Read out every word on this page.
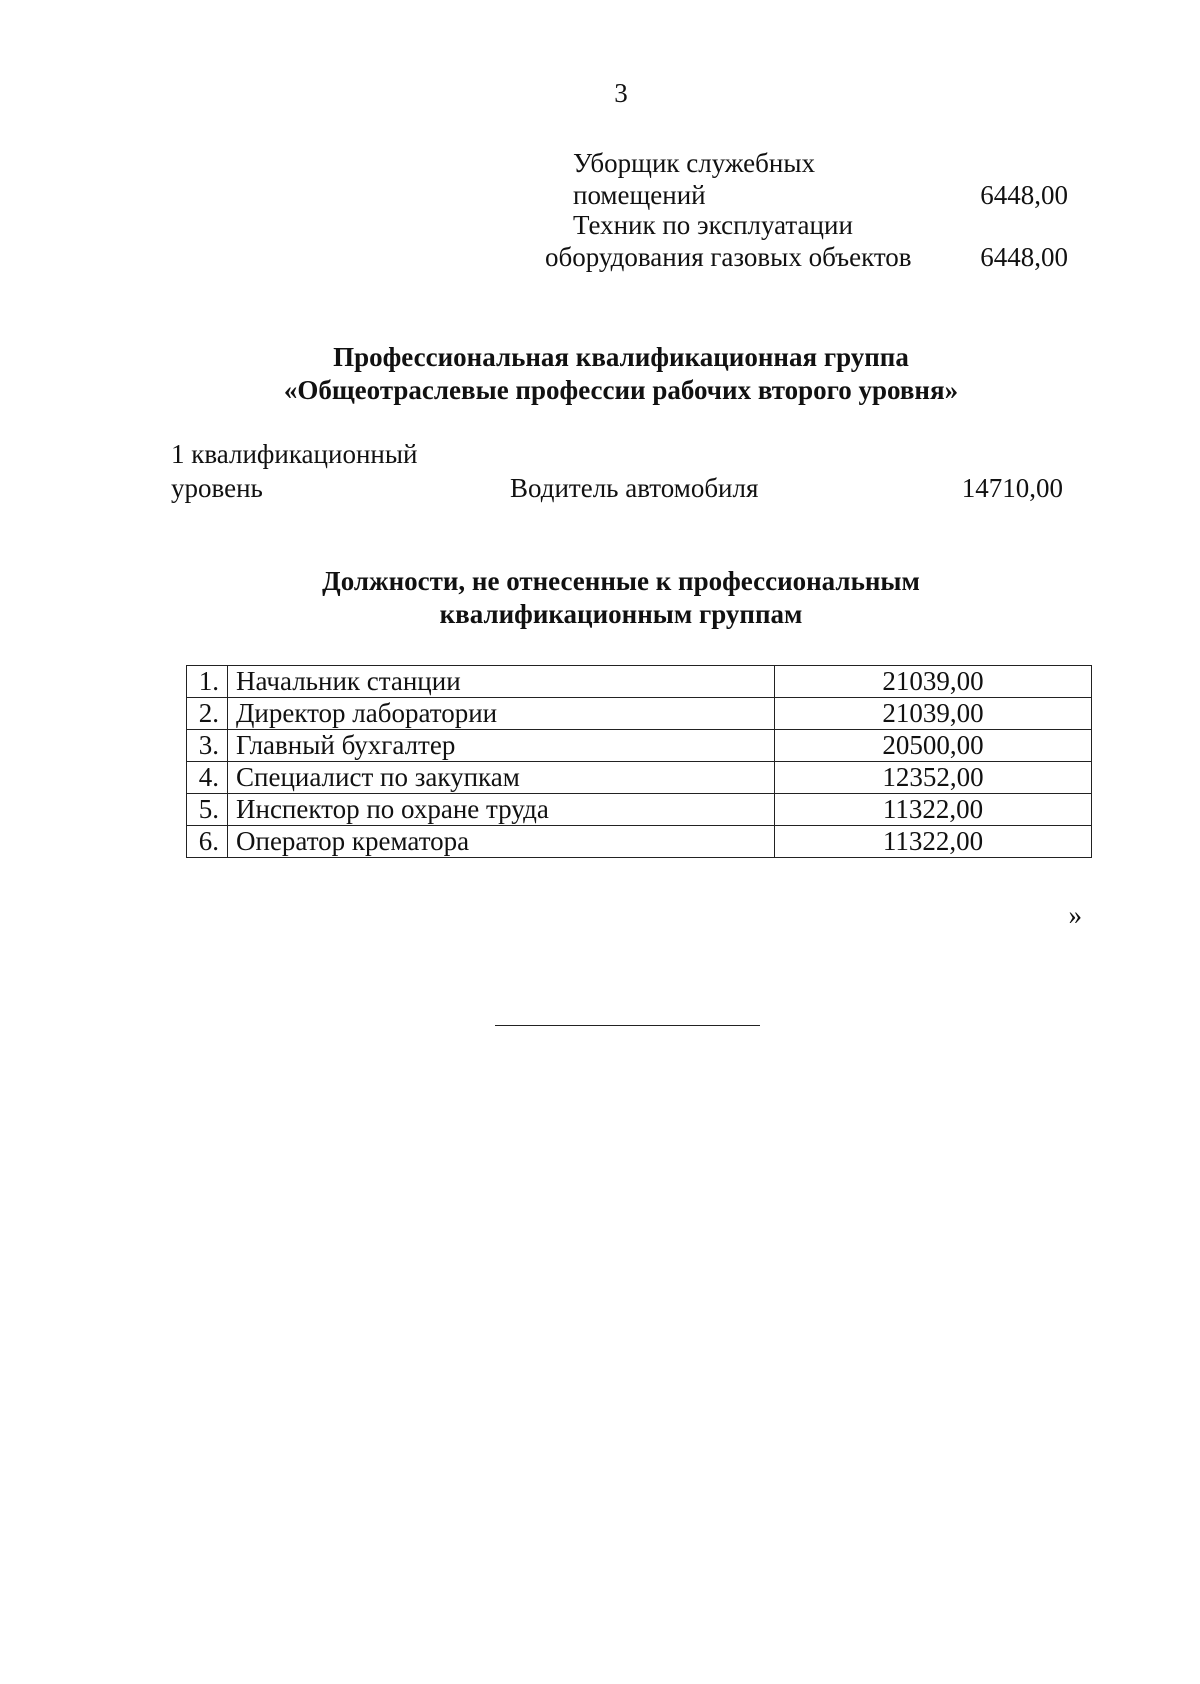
3
Уборщик служебных
помещений	6448,00
Техник по эксплуатации
оборудования газовых объектов	6448,00
Профессиональная квалификационная группа
«Общеотраслевые профессии рабочих второго уровня»
1 квалификационный
уровень	Водитель автомобиля	14710,00
Должности, не отнесенные к профессиональным
квалификационным группам
1.	Начальник станции	21039,00
2.	Директор лаборатории	21039,00
3.	Главный бухгалтер	20500,00
4.	Специалист по закупкам	12352,00
5.	Инспектор по охране труда	11322,00
6.	Оператор крематора	11322,00
»
